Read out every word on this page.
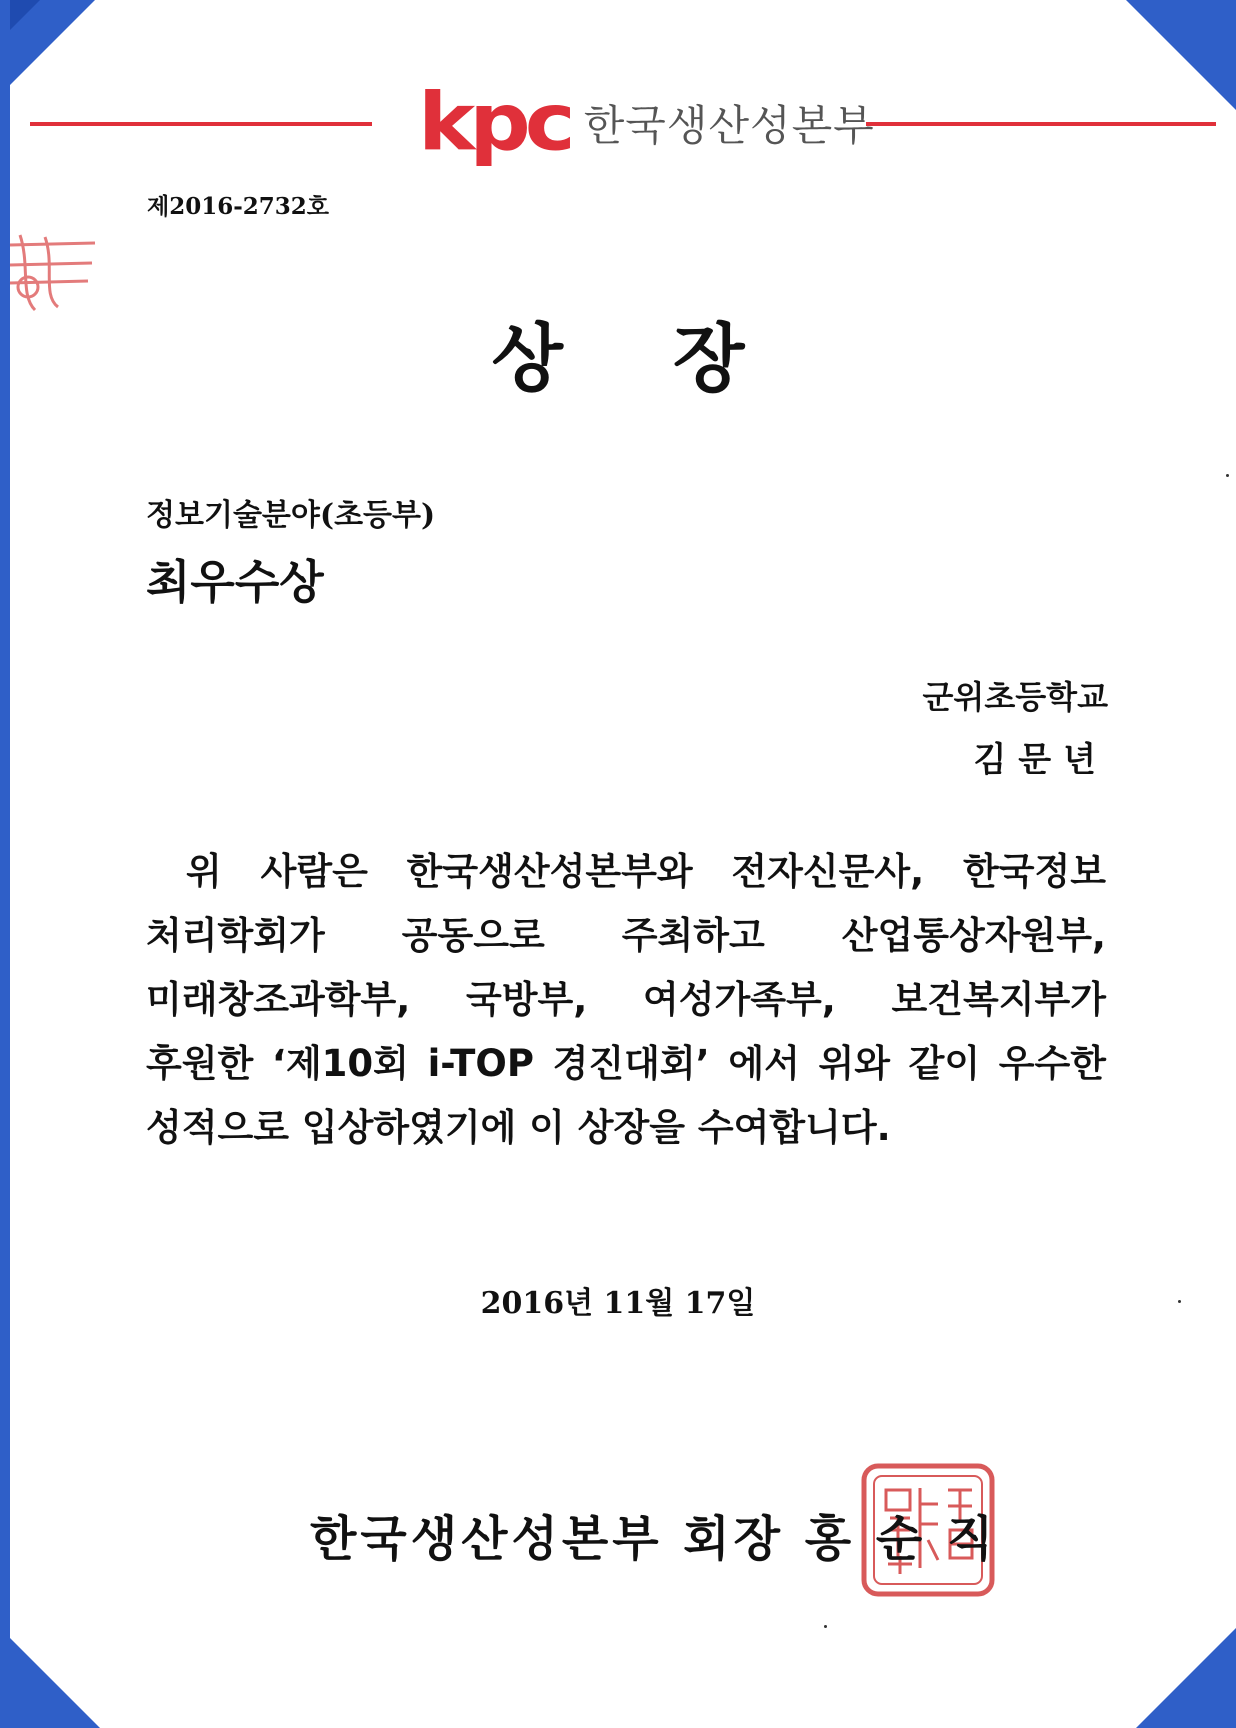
kpc 한국생산성본부
제2016-2732호
상장
정보기술분야(초등부)
최우수상
군위초등학교
김문년
위 사람은 한국생산성본부와 전자신문사, 한국정보
처리학회가 공동으로 주최하고 산업통상자원부,
미래창조과학부, 국방부, 여성가족부, 보건복지부가
후원한 ‘제10회 i-TOP 경진대회’ 에서 위와 같이 우수한
성적으로 입상하였기에 이 상장을 수여합니다.
2016년 11월 17일
한국생산성본부 회장 홍 순 직
